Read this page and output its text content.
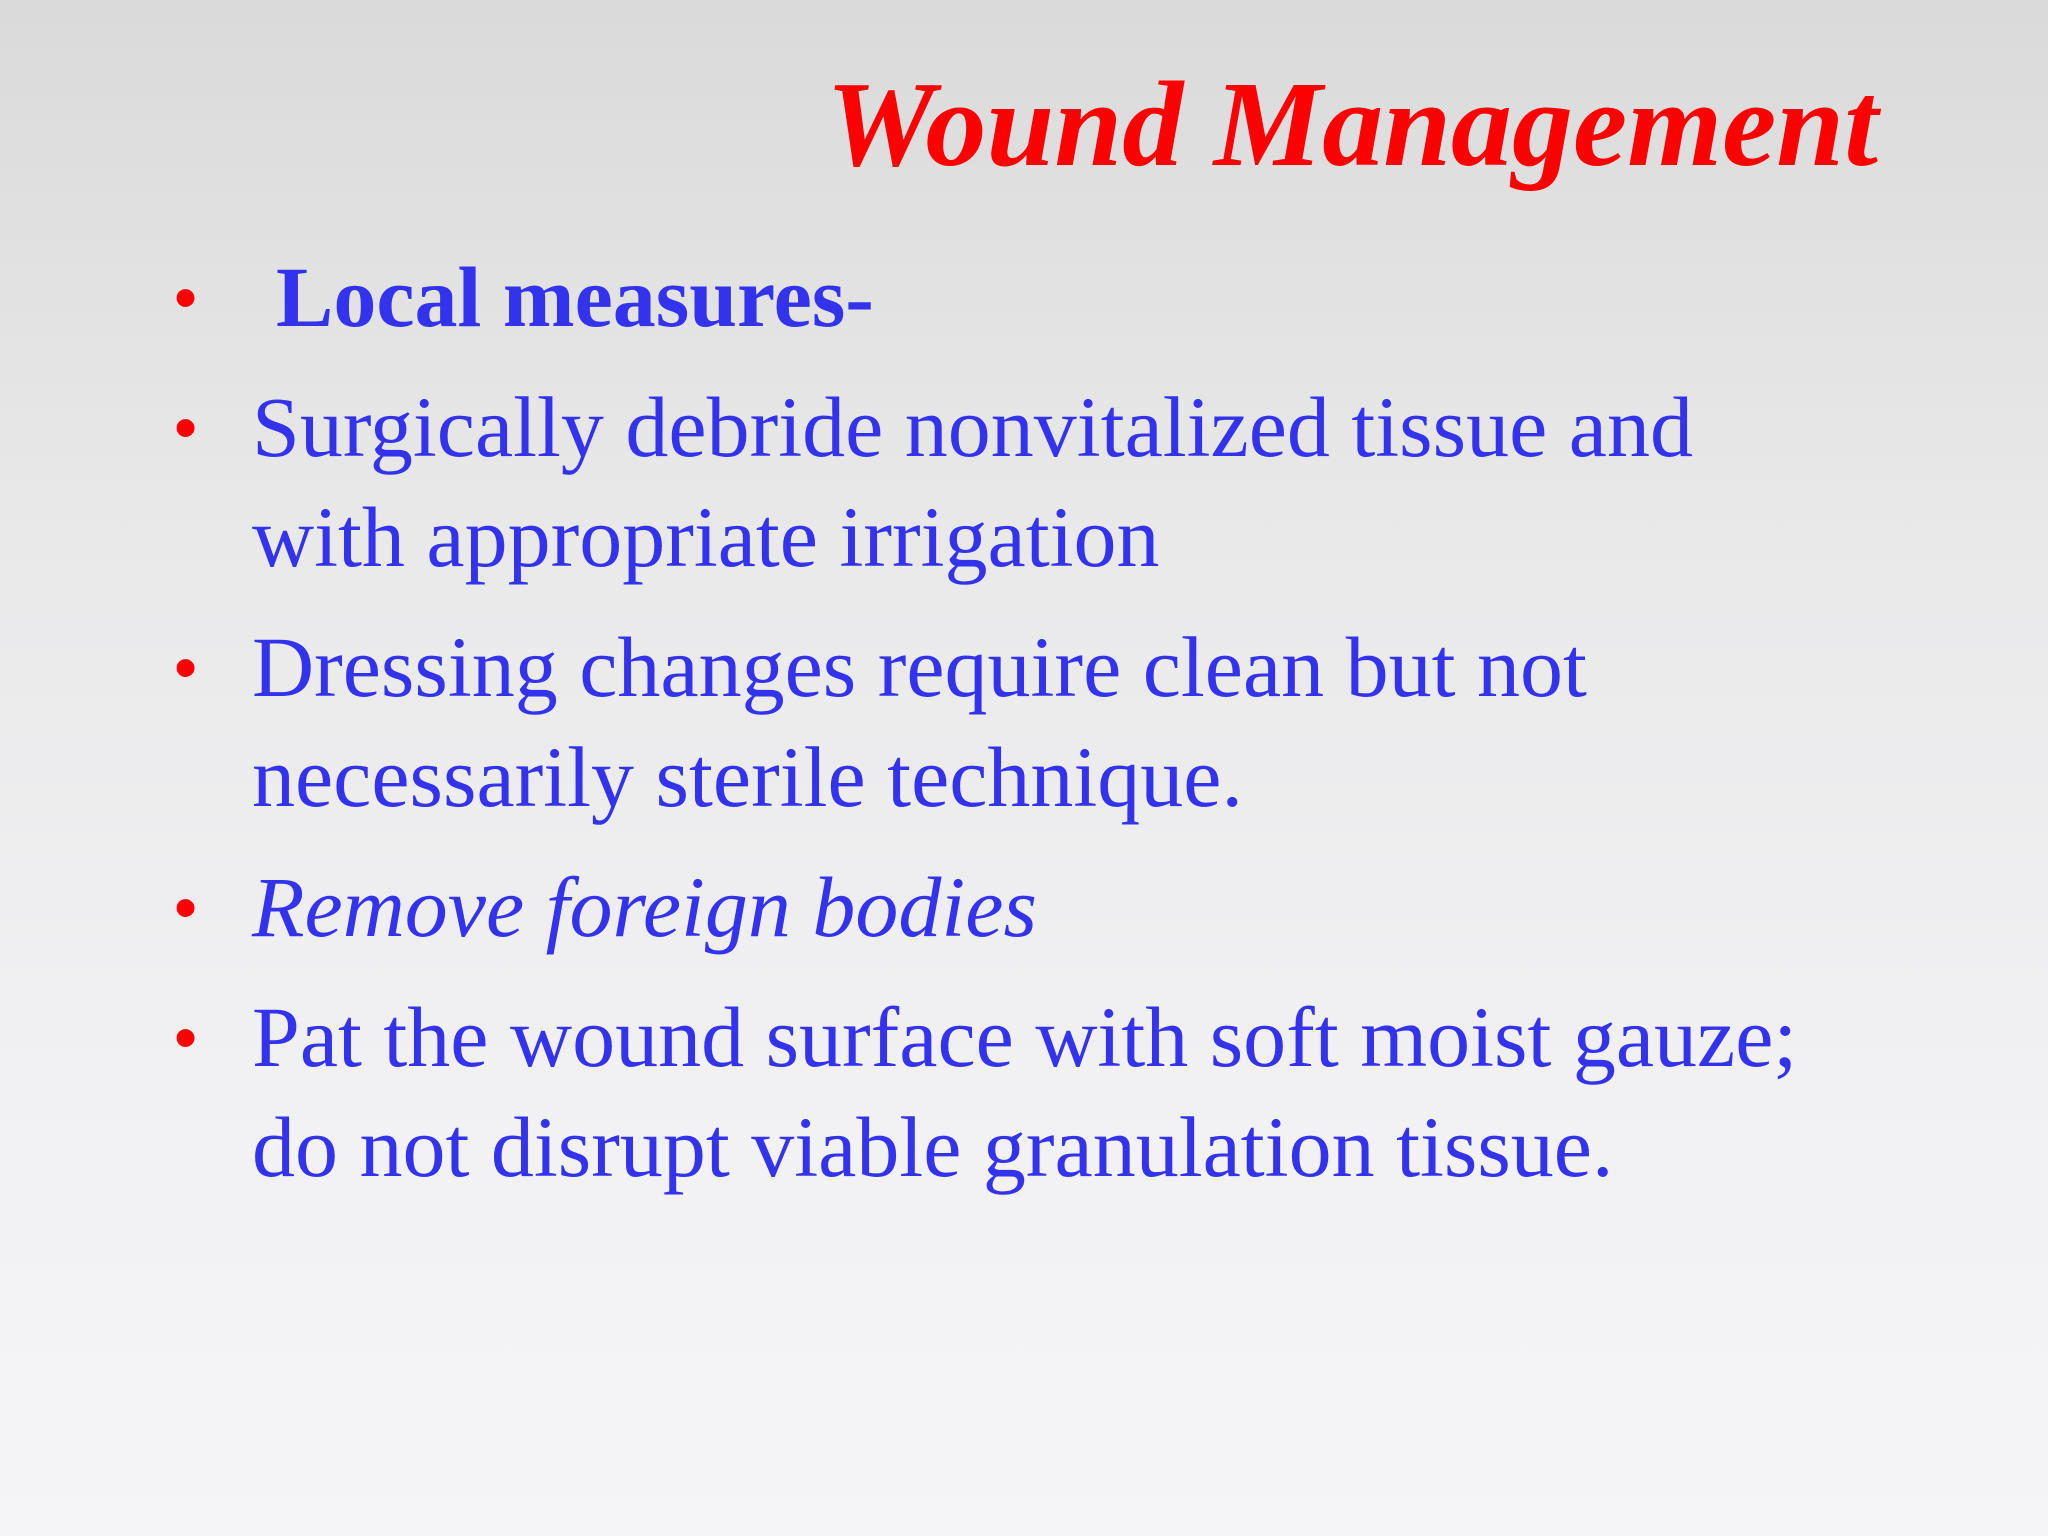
Wound Management
• Local measures-
• Surgically debride nonvitalized tissue and with appropriate irrigation
• Dressing changes require clean but not necessarily sterile technique.
• Remove foreign bodies
• Pat the wound surface with soft moist gauze; do not disrupt viable granulation tissue.
